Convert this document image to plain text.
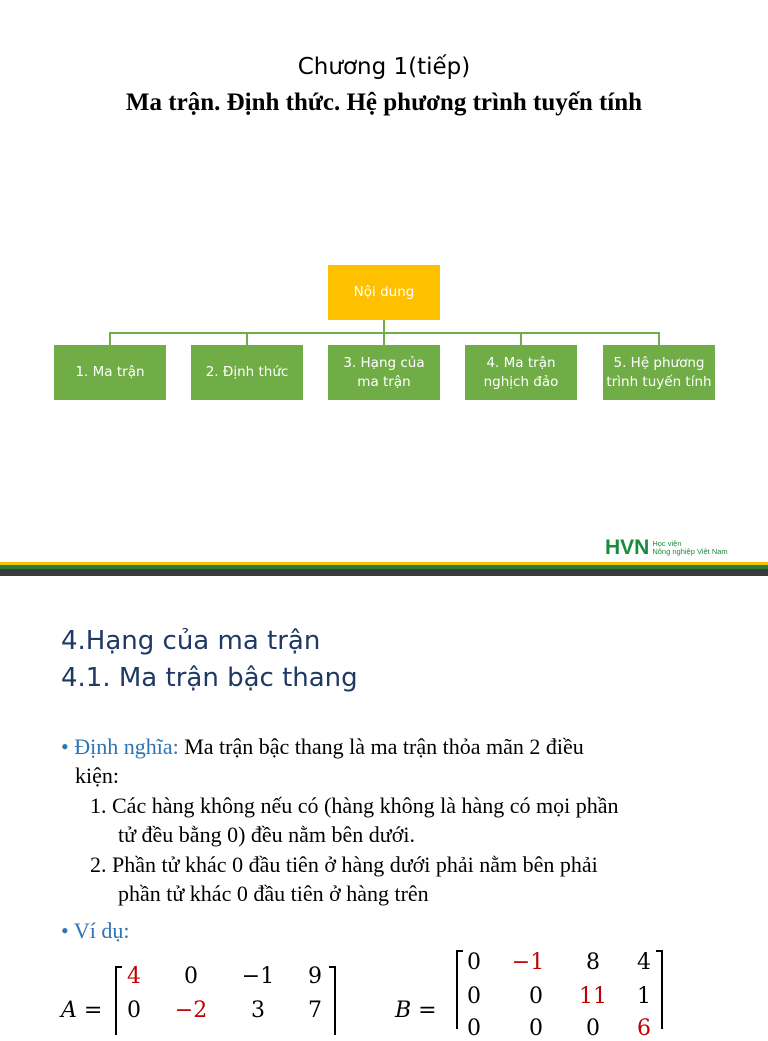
Chương 1(tiếp)
Ma trận. Định thức. Hệ phương trình tuyến tính
Nội dung
1. Ma trận	2. Định thức
3. Hạng của ma trận
4. Ma trận nghịch đảo
5. Hệ phương trình tuyến tính
HVN Học viện
Nông nghiệp Việt Nam
4.Hạng của ma trận
4.1. Ma trận bậc thang
• Định nghĩa: Ma trận bậc thang là ma trận thỏa mãn 2 điều
kiện:
1. Các hàng không nếu có (hàng không là hàng có mọi phần
tử đều bằng 0) đều nằm bên dưới.
2. Phần tử khác 0 đầu tiên ở hàng dưới phải nằm bên phải
phần tử khác 0 đầu tiên ở hàng trên
• Ví dụ:
A =
4	0	−1	9
0	−2	3	7	B =
0	−1	8	4
0	0	11	1
0	0	0	6
